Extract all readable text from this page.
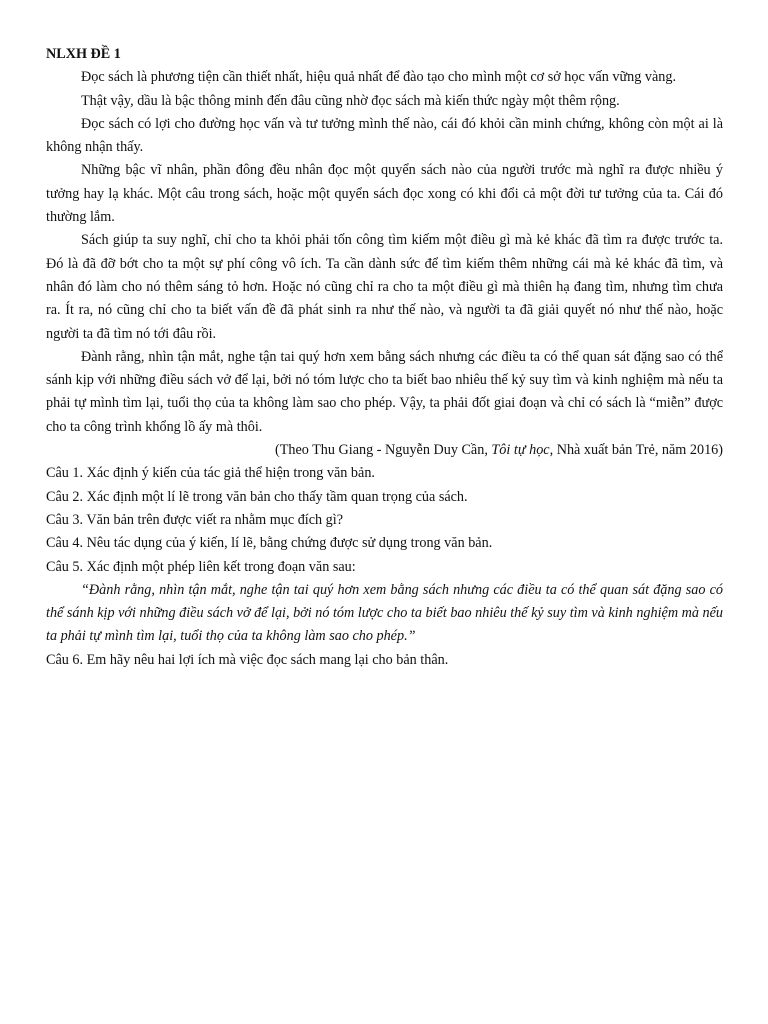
NLXH ĐỀ 1

Đọc sách là phương tiện cần thiết nhất, hiệu quả nhất để đào tạo cho mình một cơ sở học vấn vững vàng.

Thật vậy, dầu là bậc thông minh đến đâu cũng nhờ đọc sách mà kiến thức ngày một thêm rộng.

Đọc sách có lợi cho đường học vấn và tư tưởng mình thế nào, cái đó khỏi cần minh chứng, không còn một ai là không nhận thấy.

Những bậc vĩ nhân, phần đông đều nhân đọc một quyển sách nào của người trước mà nghĩ ra được nhiều ý tưởng hay lạ khác. Một câu trong sách, hoặc một quyển sách đọc xong có khi đổi cả một đời tư tưởng của ta. Cái đó thường lắm.

Sách giúp ta suy nghĩ, chỉ cho ta khỏi phải tốn công tìm kiếm một điều gì mà kẻ khác đã tìm ra được trước ta. Đó là đã đỡ bớt cho ta một sự phí công vô ích. Ta cần dành sức để tìm kiếm thêm những cái mà kẻ khác đã tìm, và nhân đó làm cho nó thêm sáng tỏ hơn. Hoặc nó cũng chỉ ra cho ta một điều gì mà thiên hạ đang tìm, nhưng tìm chưa ra. Ít ra, nó cũng chỉ cho ta biết vấn đề đã phát sinh ra như thế nào, và người ta đã giải quyết nó như thế nào, hoặc người ta đã tìm nó tới đâu rồi.

Đành rằng, nhìn tận mắt, nghe tận tai quý hơn xem bằng sách nhưng các điều ta có thể quan sát đặng sao có thể sánh kịp với những điều sách vở để lại, bởi nó tóm lược cho ta biết bao nhiêu thế kỷ suy tìm và kinh nghiệm mà nếu ta phải tự mình tìm lại, tuổi thọ của ta không làm sao cho phép. Vậy, ta phải đốt giai đoạn và chỉ có sách là “miễn” được cho ta công trình khổng lồ ấy mà thôi.

(Theo Thu Giang - Nguyễn Duy Cần, Tôi tự học, Nhà xuất bản Trẻ, năm 2016)

Câu 1. Xác định ý kiến của tác giả thể hiện trong văn bản.

Câu 2. Xác định một lí lẽ trong văn bản cho thấy tầm quan trọng của sách.

Câu 3. Văn bản trên được viết ra nhằm mục đích gì?

Câu 4. Nêu tác dụng của ý kiến, lí lẽ, bằng chứng được sử dụng trong văn bản.

Câu 5. Xác định một phép liên kết trong đoạn văn sau:

“Đành rằng, nhìn tận mắt, nghe tận tai quý hơn xem bằng sách nhưng các điều ta có thể quan sát đặng sao có thể sánh kịp với những điều sách vở để lại, bởi nó tóm lược cho ta biết bao nhiêu thế kỷ suy tìm và kinh nghiệm mà nếu ta phải tự mình tìm lại, tuổi thọ của ta không làm sao cho phép.”

Câu 6. Em hãy nêu hai lợi ích mà việc đọc sách mang lại cho bản thân.
